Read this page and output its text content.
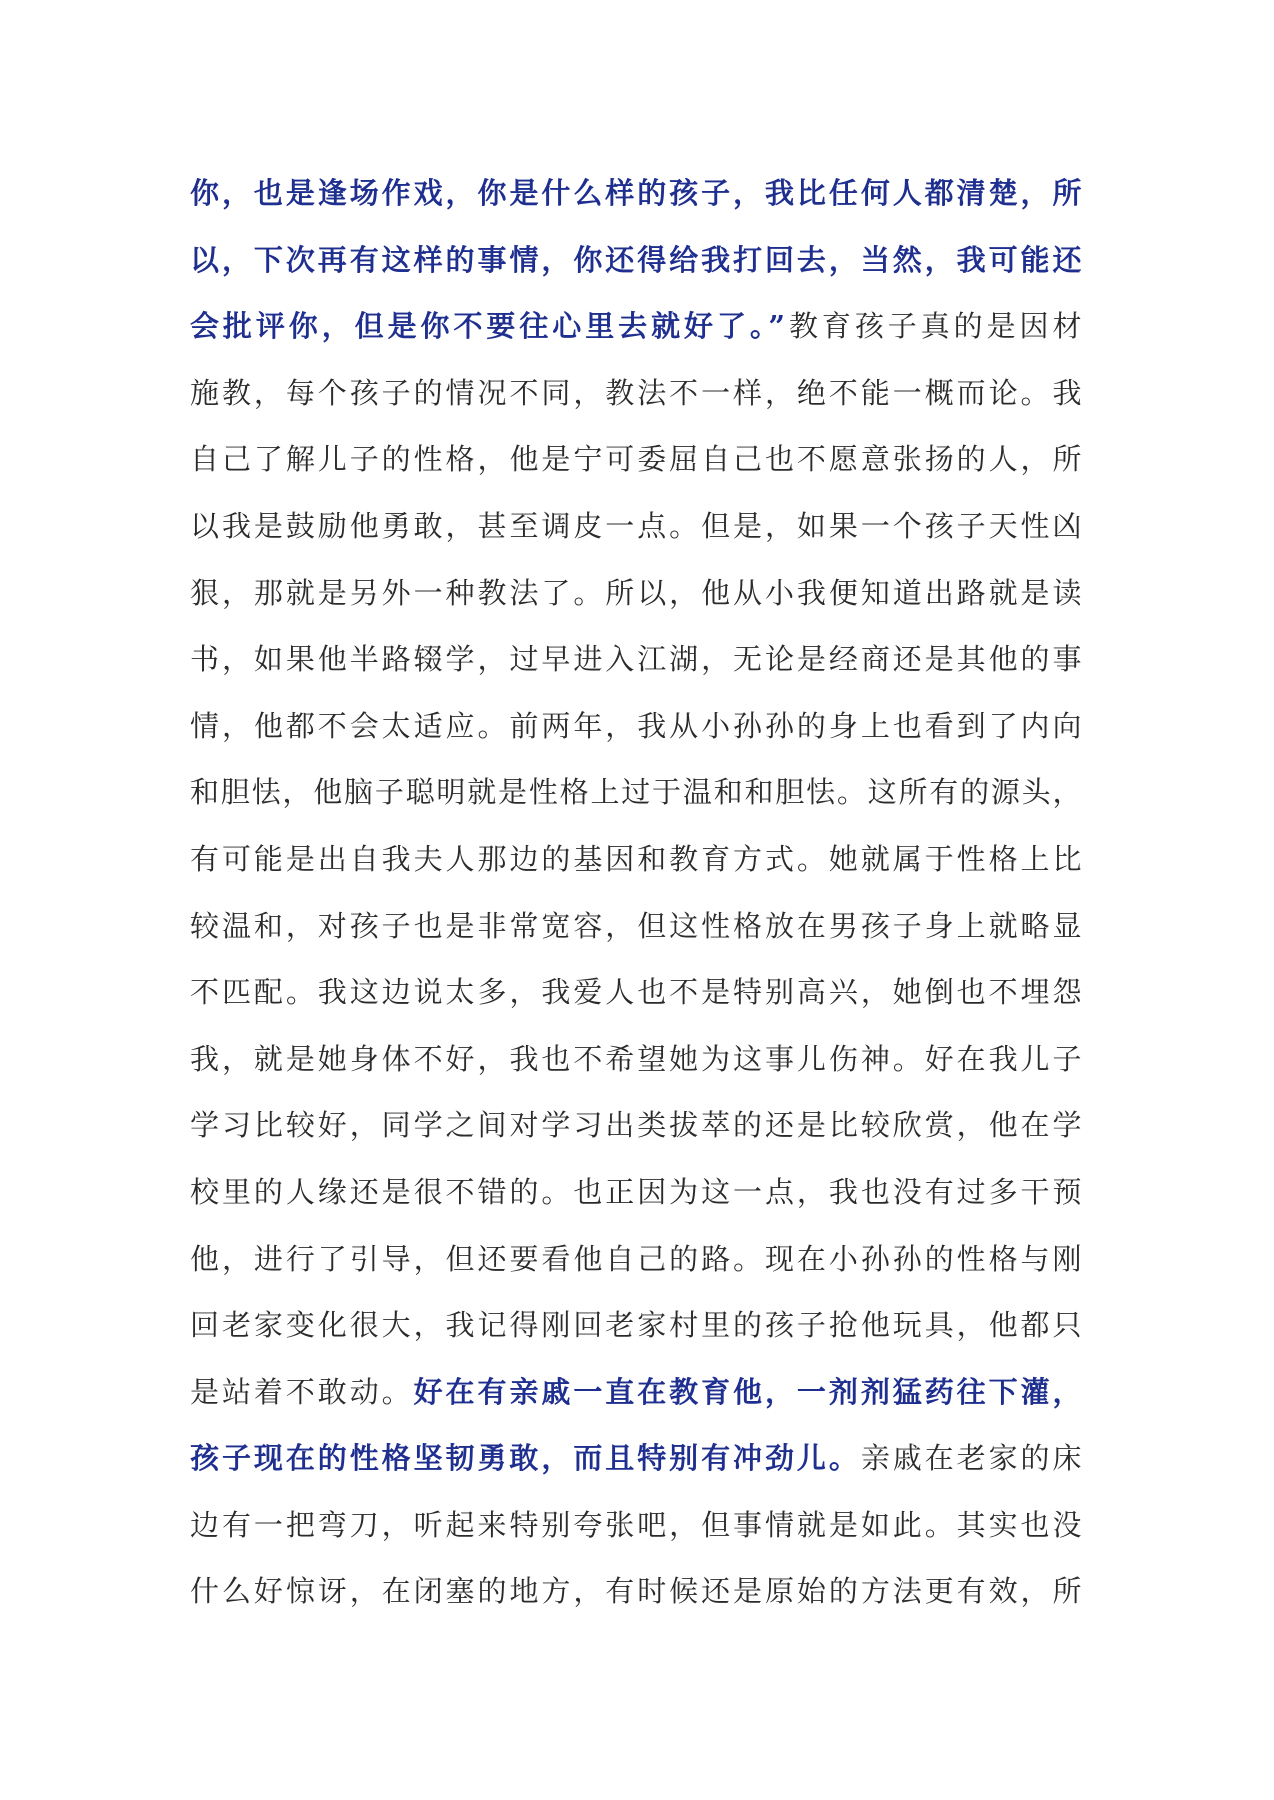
你，也是逢场作戏，你是什么样的孩子，我比任何人都清楚，所
以，下次再有这样的事情，你还得给我打回去，当然，我可能还
会批评你，但是你不要往心里去就好了。”教育孩子真的是因材
施教，每个孩子的情况不同，教法不一样，绝不能一概而论。我
自己了解儿子的性格，他是宁可委屈自己也不愿意张扬的人，所
以我是鼓励他勇敢，甚至调皮一点。但是，如果一个孩子天性凶
狠，那就是另外一种教法了。所以，他从小我便知道出路就是读
书，如果他半路辍学，过早进入江湖，无论是经商还是其他的事
情，他都不会太适应。前两年，我从小孙孙的身上也看到了内向
和胆怯，他脑子聪明就是性格上过于温和和胆怯。这所有的源头，
有可能是出自我夫人那边的基因和教育方式。她就属于性格上比
较温和，对孩子也是非常宽容，但这性格放在男孩子身上就略显
不匹配。我这边说太多，我爱人也不是特别高兴，她倒也不埋怨
我，就是她身体不好，我也不希望她为这事儿伤神。好在我儿子
学习比较好，同学之间对学习出类拔萃的还是比较欣赏，他在学
校里的人缘还是很不错的。也正因为这一点，我也没有过多干预
他，进行了引导，但还要看他自己的路。现在小孙孙的性格与刚
回老家变化很大，我记得刚回老家村里的孩子抢他玩具，他都只
是站着不敢动。好在有亲戚一直在教育他，一剂剂猛药往下灌，
孩子现在的性格坚韧勇敢，而且特别有冲劲儿。亲戚在老家的床
边有一把弯刀，听起来特别夸张吧，但事情就是如此。其实也没
什么好惊讶，在闭塞的地方，有时候还是原始的方法更有效，所
